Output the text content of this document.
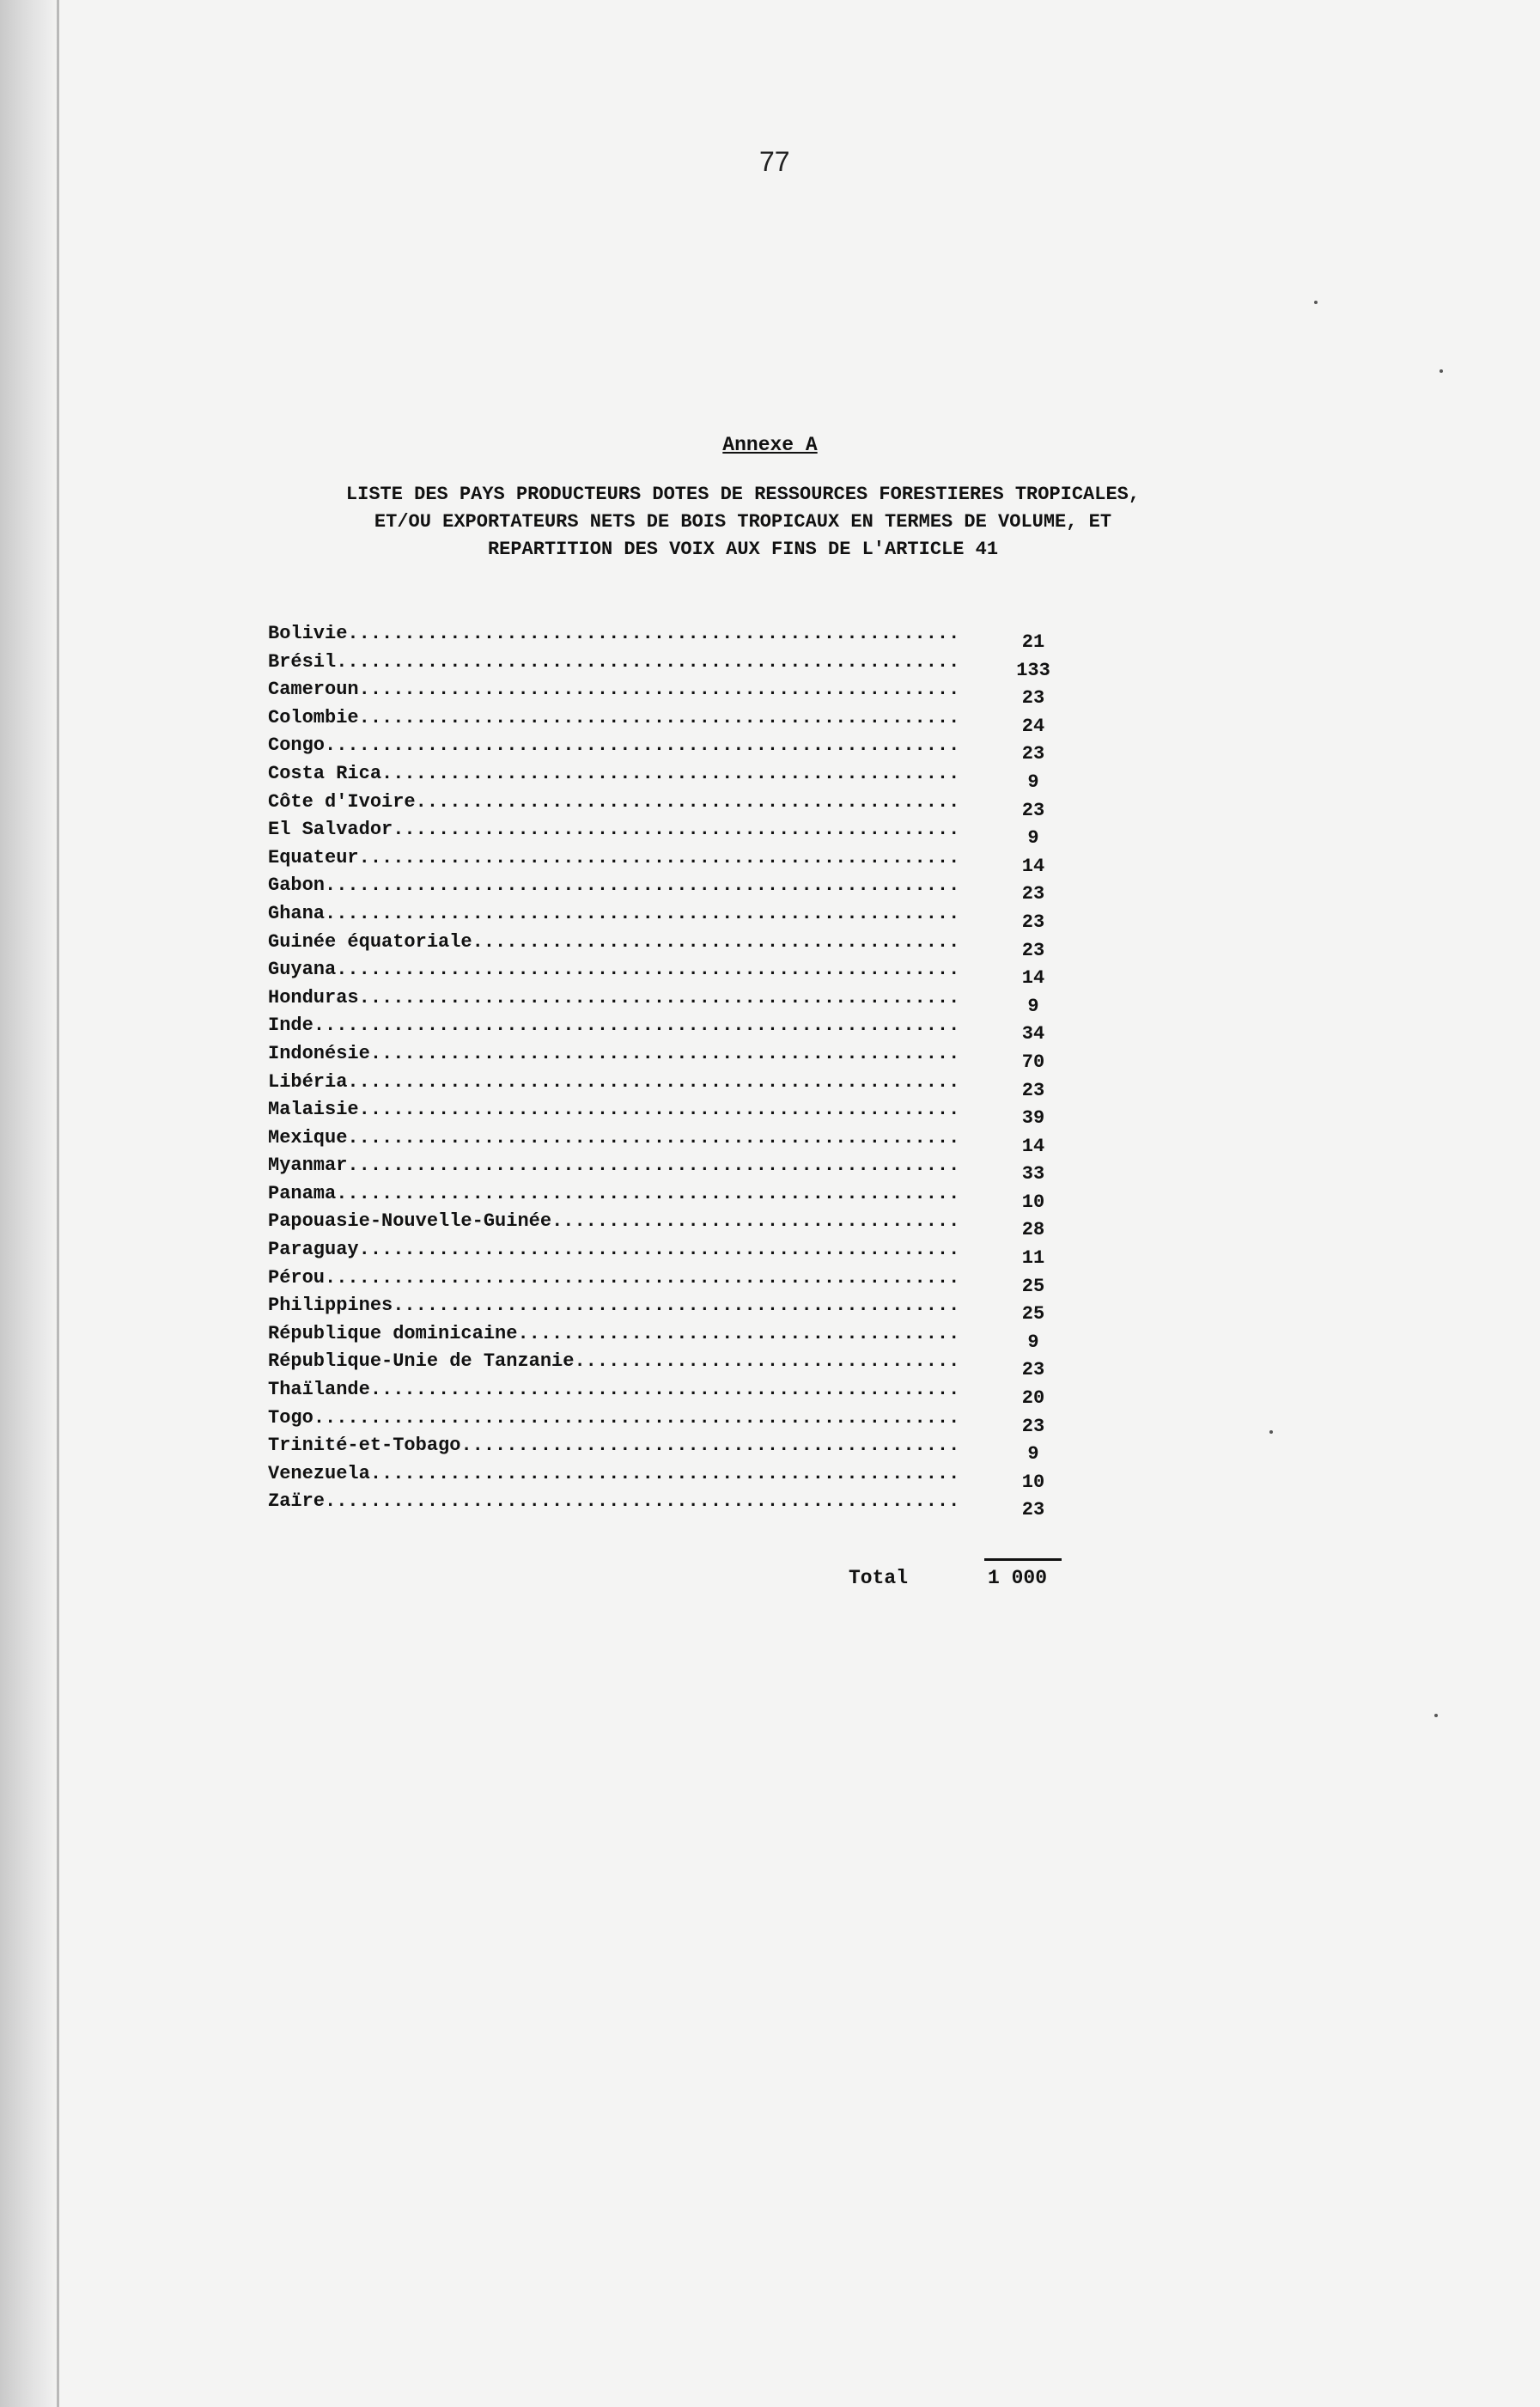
77
Annexe A
LISTE DES PAYS PRODUCTEURS DOTES DE RESSOURCES FORESTIERES TROPICALES,
ET/OU EXPORTATEURS NETS DE BOIS TROPICAUX EN TERMES DE VOLUME, ET
REPARTITION DES VOIX AUX FINS DE L'ARTICLE 41
Bolivie .....	21
Brésil .....	133
Cameroun .....	23
Colombie .....	24
Congo .....	23
Costa Rica .....	9
Côte d'Ivoire .....	23
El Salvador .....	9
Equateur .....	14
Gabon .....	23
Ghana .....	23
Guinée équatoriale .....	23
Guyana .....	14
Honduras .....	9
Inde .....	34
Indonésie .....	70
Libéria .....	23
Malaisie .....	39
Mexique .....	14
Myanmar .....	33
Panama .....	10
Papouasie-Nouvelle-Guinée .....	28
Paraguay .....	11
Pérou .....	25
Philippines .....	25
République dominicaine .....	9
République-Unie de Tanzanie .....	23
Thaïlande .....	20
Togo .....	23
Trinité-et-Tobago .....	9
Venezuela .....	10
Zaïre .....	23
Total	1 000
